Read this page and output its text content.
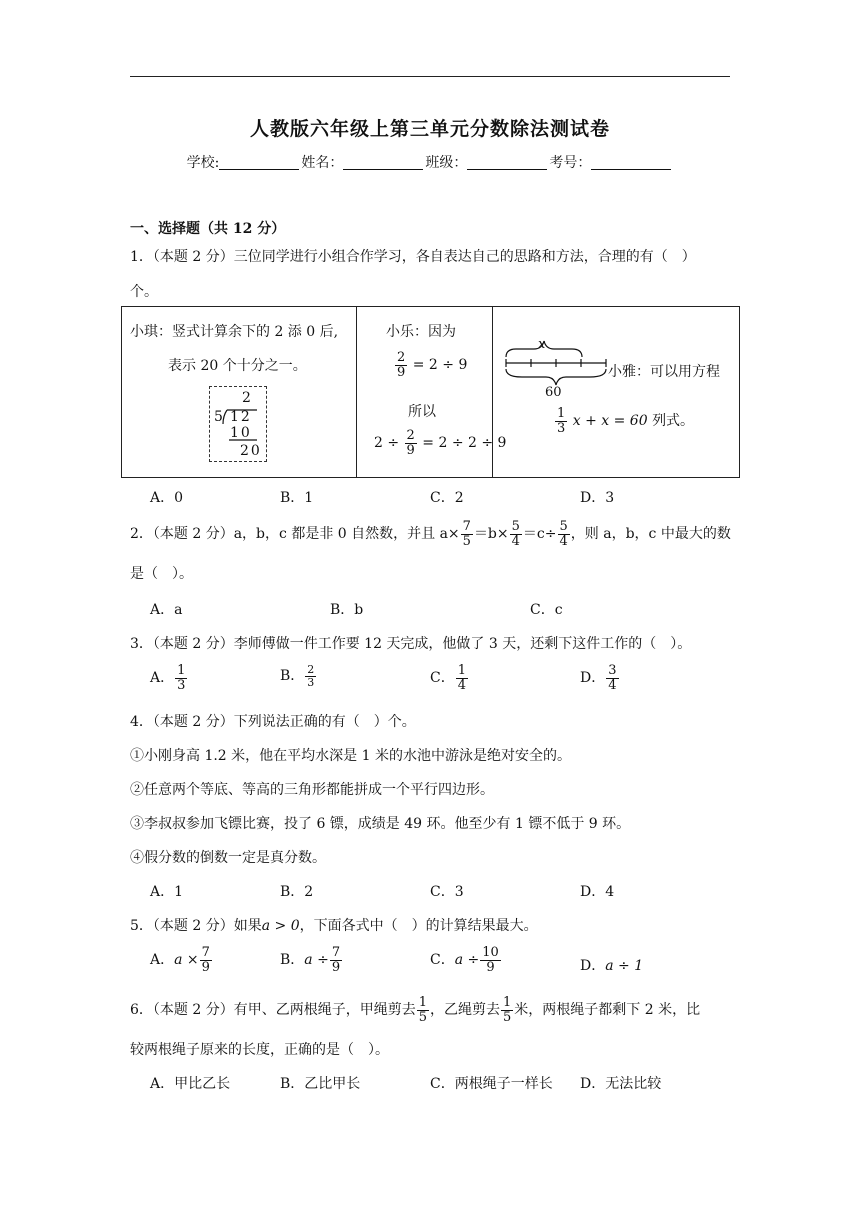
人教版六年级上第三单元分数除法测试卷
学校:	姓名：	班级：	考号：
一、选择题（共 12 分）
1．（本题 2 分）三位同学进行小组合作学习，各自表达自己的思路和方法，合理的有（　）
个。
小琪：竖式计算余下的 2 添 0 后,
表示 20 个十分之一。
2
5 12
10
20
小乐：因为
$\frac{2}{9} = 2 \div 9$
所以
$2 \div \frac{2}{9} = 2 \div 2 \div 9$
x
60
小雅：可以用方程
$\frac{1}{3}$ x + x = 60 列式。
A．0	B．1	C．2	D．3
2．（本题 2 分）a，b，c 都是非 0 自然数，并且 $a\times \frac{7}{5} =b\times \frac{5}{4} =c\div \frac{5}{4}$ ，则 a，b，c 中最大的数
是（　）。
A．a	B．b	C．c
3．（本题 2 分）李师傅做一件工作要 12 天完成，他做了 3 天，还剩下这件工作的（　）。
A． $\frac{1}{3}$	B． $\frac{2}{3}$	C． $\frac{1}{4}$	D． $\frac{3}{4}$
4．（本题 2 分）下列说法正确的有（　）个。
①小刚身高 1.2 米，他在平均水深是 1 米的水池中游泳是绝对安全的。
②任意两个等底、等高的三角形都能拼成一个平行四边形。
③李叔叔参加飞镖比赛，投了 6 镖，成绩是 49 环。他至少有 1 镖不低于 9 环。
④假分数的倒数一定是真分数。
A．1	B．2	C．3	D．4
5．（本题 2 分）如果a > 0，下面各式中（　）的计算结果最大。
A．$a \times \frac{7}{9}$	B．$a \div \frac{7}{9}$	C．$a \div \frac{10}{9}$	D．a ÷ 1
6．（本题 2 分）有甲、乙两根绳子，甲绳剪去 $\frac{1}{5}$ ，乙绳剪去 $\frac{1}{5}$ 米，两根绳子都剩下 2 米，比
较两根绳子原来的长度，正确的是（　）。
A．甲比乙长	B．乙比甲长	C．两根绳子一样长 D．无法比较
